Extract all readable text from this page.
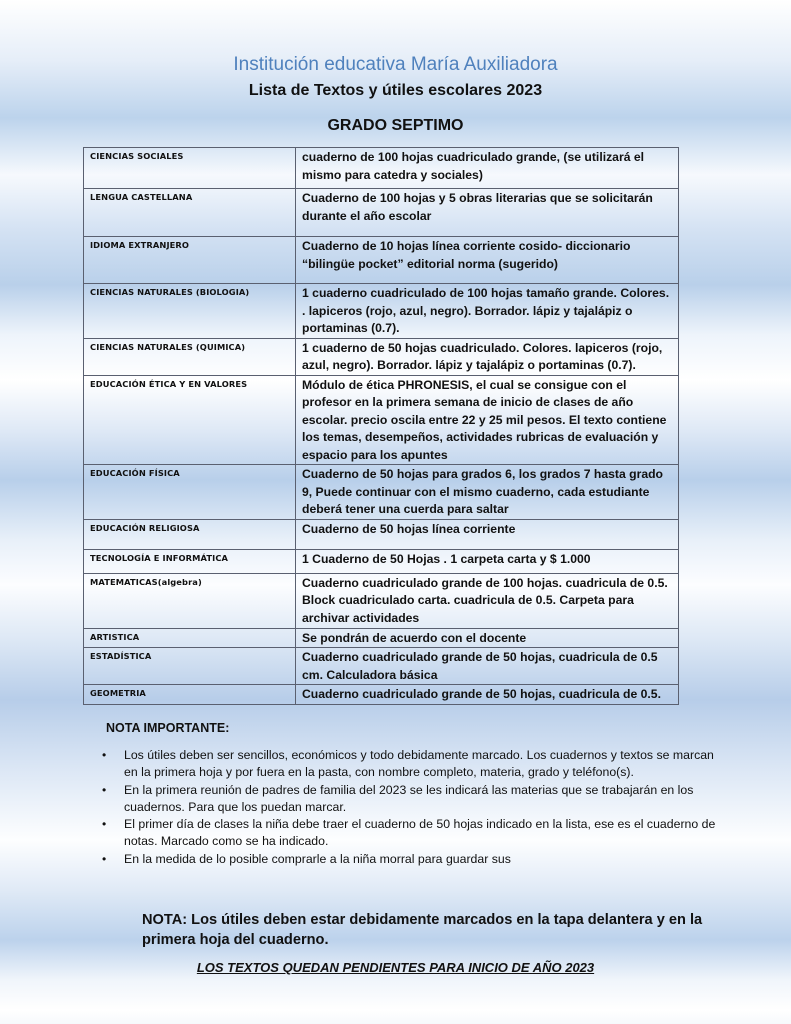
Institución educativa María Auxiliadora
Lista de Textos y útiles escolares 2023
GRADO SEPTIMO
CIENCIAS SOCIALES	cuaderno de 100 hojas cuadriculado grande, (se utilizará el mismo para catedra y sociales)
LENGUA CASTELLANA	Cuaderno de 100 hojas y 5 obras literarias que se solicitarán durante el año escolar
IDIOMA EXTRANJERO	Cuaderno de 10 hojas línea corriente cosido- diccionario “bilingüe pocket” editorial norma (sugerido)
CIENCIAS NATURALES (BIOLOGIA)	1 cuaderno cuadriculado de 100 hojas tamaño grande. Colores. . lapiceros (rojo, azul, negro). Borrador. lápiz y tajalápiz o portaminas (0.7).
CIENCIAS NATURALES (QUIMICA)	1 cuaderno de 50 hojas cuadriculado. Colores. lapiceros (rojo, azul, negro). Borrador. lápiz y tajalápiz o portaminas (0.7).
EDUCACIÓN ÉTICA Y EN VALORES	Módulo de ética PHRONESIS, el cual se consigue con el profesor en la primera semana de inicio de clases de año escolar. precio oscila entre 22 y 25 mil pesos. El texto contiene los temas, desempeños, actividades rubricas de evaluación y espacio para los apuntes
EDUCACIÓN FÍSICA	Cuaderno de 50 hojas para grados 6, los grados 7 hasta grado 9, Puede continuar con el mismo cuaderno, cada estudiante deberá tener una cuerda para saltar
EDUCACIÓN RELIGIOSA	Cuaderno de 50 hojas línea corriente
TECNOLOGÍA E INFORMÁTICA	1 Cuaderno de 50 Hojas . 1 carpeta carta y $ 1.000
MATEMATICAS(algebra)	Cuaderno cuadriculado grande de 100 hojas. cuadricula de 0.5. Block cuadriculado carta. cuadricula de 0.5. Carpeta para archivar actividades
ARTISTICA	Se pondrán de acuerdo con el docente
ESTADÍSTICA	Cuaderno cuadriculado grande de 50 hojas, cuadricula de 0.5 cm. Calculadora básica
GEOMETRIA	Cuaderno cuadriculado grande de 50 hojas, cuadricula de 0.5.
NOTA IMPORTANTE:
• Los útiles deben ser sencillos, económicos y todo debidamente marcado. Los cuadernos y textos se marcan en la primera hoja y por fuera en la pasta, con nombre completo, materia, grado y teléfono(s).
• En la primera reunión de padres de familia del 2023 se les indicará las materias que se trabajarán en los cuadernos. Para que los puedan marcar.
• El primer día de clases la niña debe traer el cuaderno de 50 hojas indicado en la lista, ese es el cuaderno de notas. Marcado como se ha indicado.
• En la medida de lo posible comprarle a la niña morral para guardar sus
NOTA: Los útiles deben estar debidamente marcados en la tapa delantera y en la primera hoja del cuaderno.
LOS TEXTOS QUEDAN PENDIENTES PARA INICIO DE AÑO 2023
